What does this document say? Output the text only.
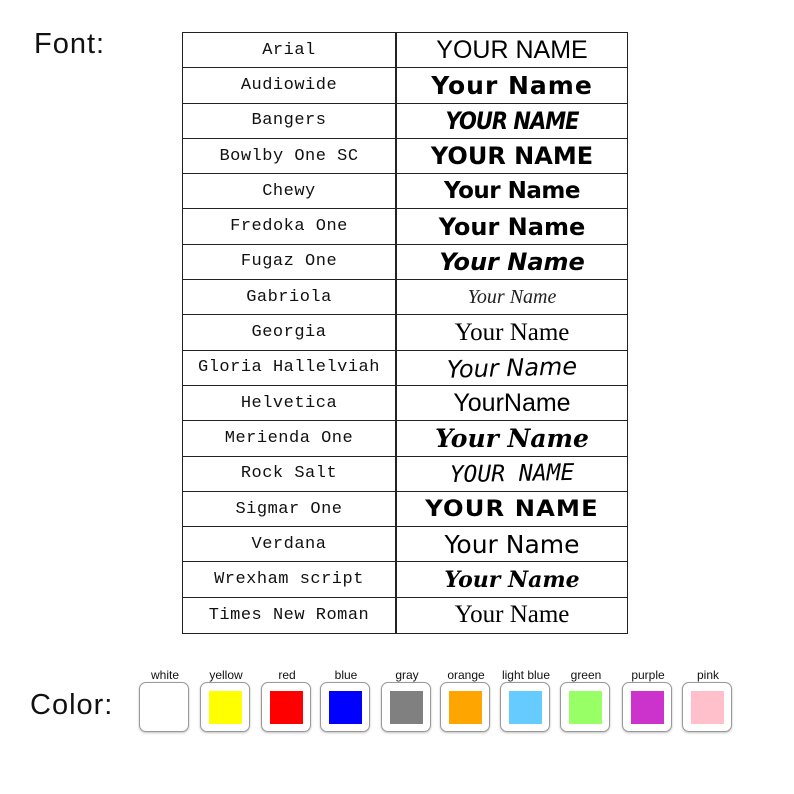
Font:	Arial	YOUR NAME
Audiowide	Your Name
Bangers	YOUR NAME
Bowlby One SC	YOUR NAME
Chewy	Your Name
Fredoka One	Your Name
Fugaz One	Your Name
Gabriola	Your Name
Georgia	Your Name
Gloria Hallelviah	Your Name
Helvetica	YourName
Merienda One	Your Name
Rock Salt	YOUR NAME
Sigmar One	YOUR NAME
Verdana	Your Name
Wrexham script	Your Name
Times New Roman	Your Name
Color:
white	yellow	red	blue	gray	orange	light blue	green	purple	pink
